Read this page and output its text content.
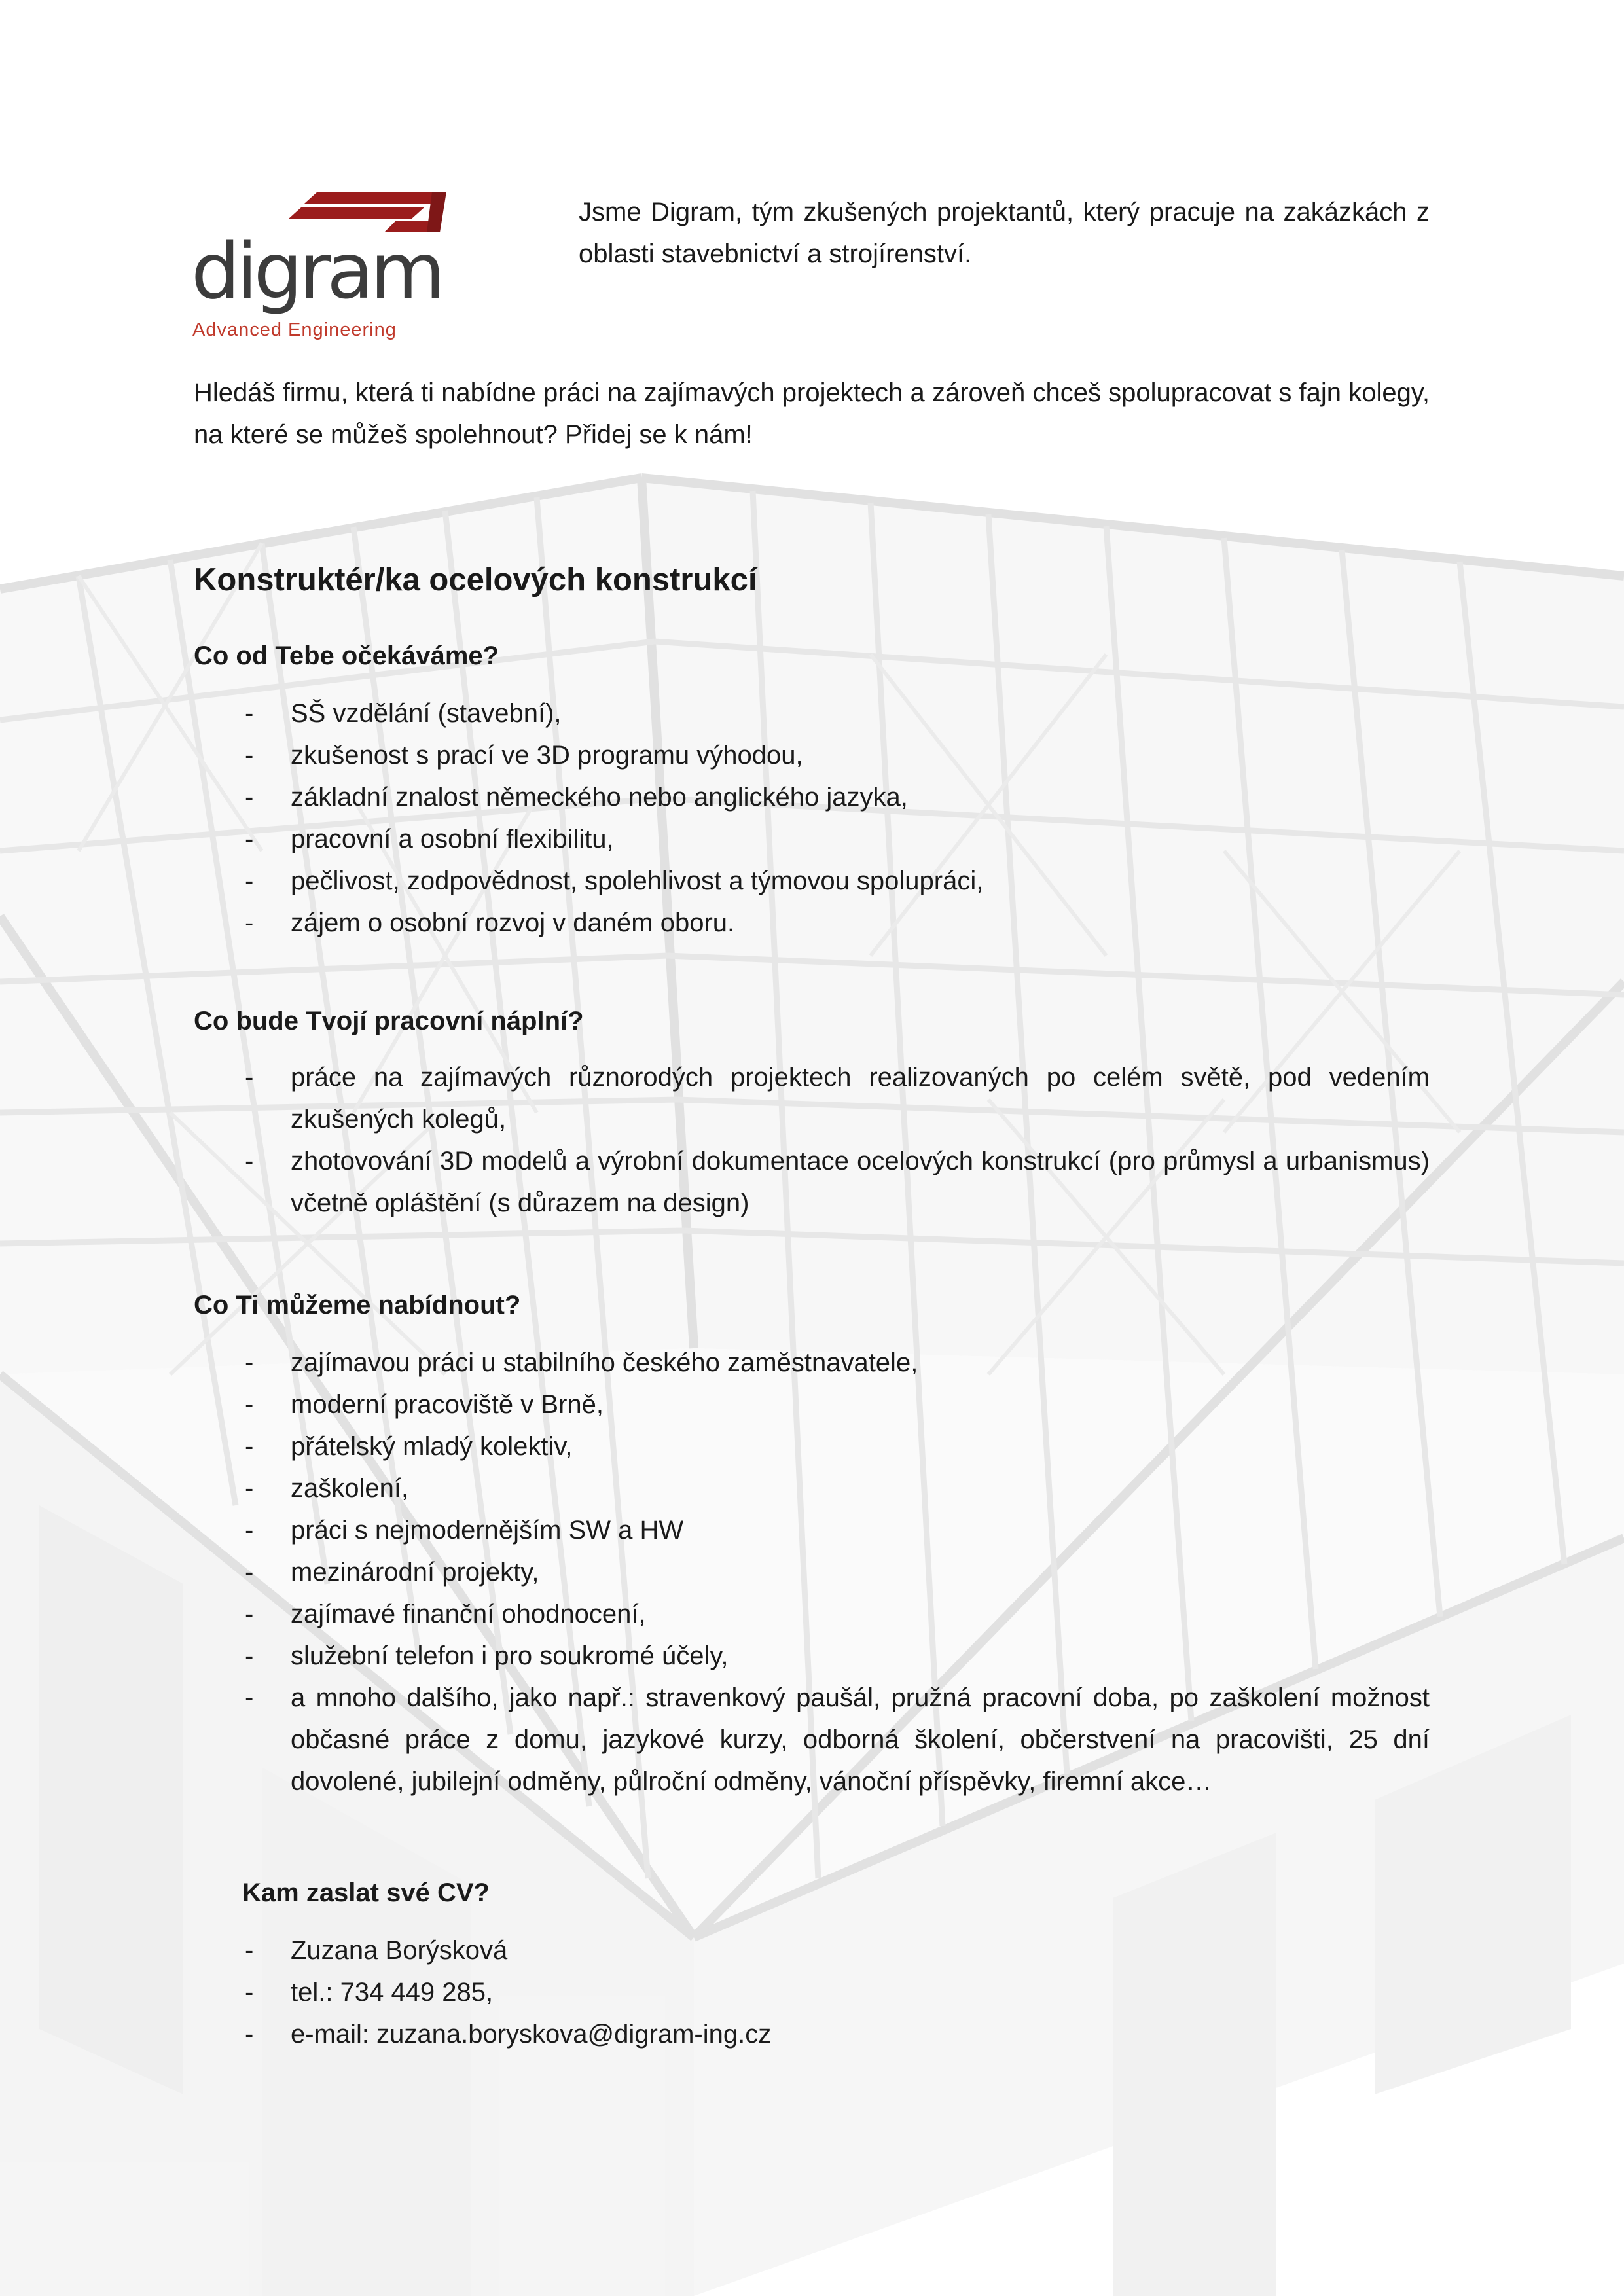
digram
Advanced Engineering

Jsme Digram, tým zkušených projektantů, který pracuje na zakázkách z oblasti stavebnictví a strojírenství.

Hledáš firmu, která ti nabídne práci na zajímavých projektech a zároveň chceš spolupracovat s fajn kolegy, na které se můžeš spolehnout? Přidej se k nám!

Konstruktér/ka ocelových konstrukcí
Co od Tebe očekáváme?
- SŠ vzdělání (stavební),
- zkušenost s prací ve 3D programu výhodou,
- základní znalost německého nebo anglického jazyka,
- pracovní a osobní flexibilitu,
- pečlivost, zodpovědnost, spolehlivost a týmovou spolupráci,
- zájem o osobní rozvoj v daném oboru.
Co bude Tvojí pracovní náplní?
- práce na zajímavých různorodých projektech realizovaných po celém světě, pod vedením zkušených kolegů,
- zhotovování 3D modelů a výrobní dokumentace ocelových konstrukcí (pro průmysl a urbanismus) včetně opláštění (s důrazem na design)
Co Ti můžeme nabídnout?
- zajímavou práci u stabilního českého zaměstnavatele,
- moderní pracoviště v Brně,
- přátelský mladý kolektiv,
- zaškolení,
- práci s nejmodernějším SW a HW
- mezinárodní projekty,
- zajímavé finanční ohodnocení,
- služební telefon i pro soukromé účely,
- a mnoho dalšího, jako např.: stravenkový paušál, pružná pracovní doba, po zaškolení možnost občasné práce z domu, jazykové kurzy, odborná školení, občerstvení na pracovišti, 25 dní dovolené, jubilejní odměny, půlroční odměny, vánoční příspěvky, firemní akce…
Kam zaslat své CV?
- Zuzana Borýsková
- tel.: 734 449 285,
- e-mail: zuzana.boryskova@digram-ing.cz
